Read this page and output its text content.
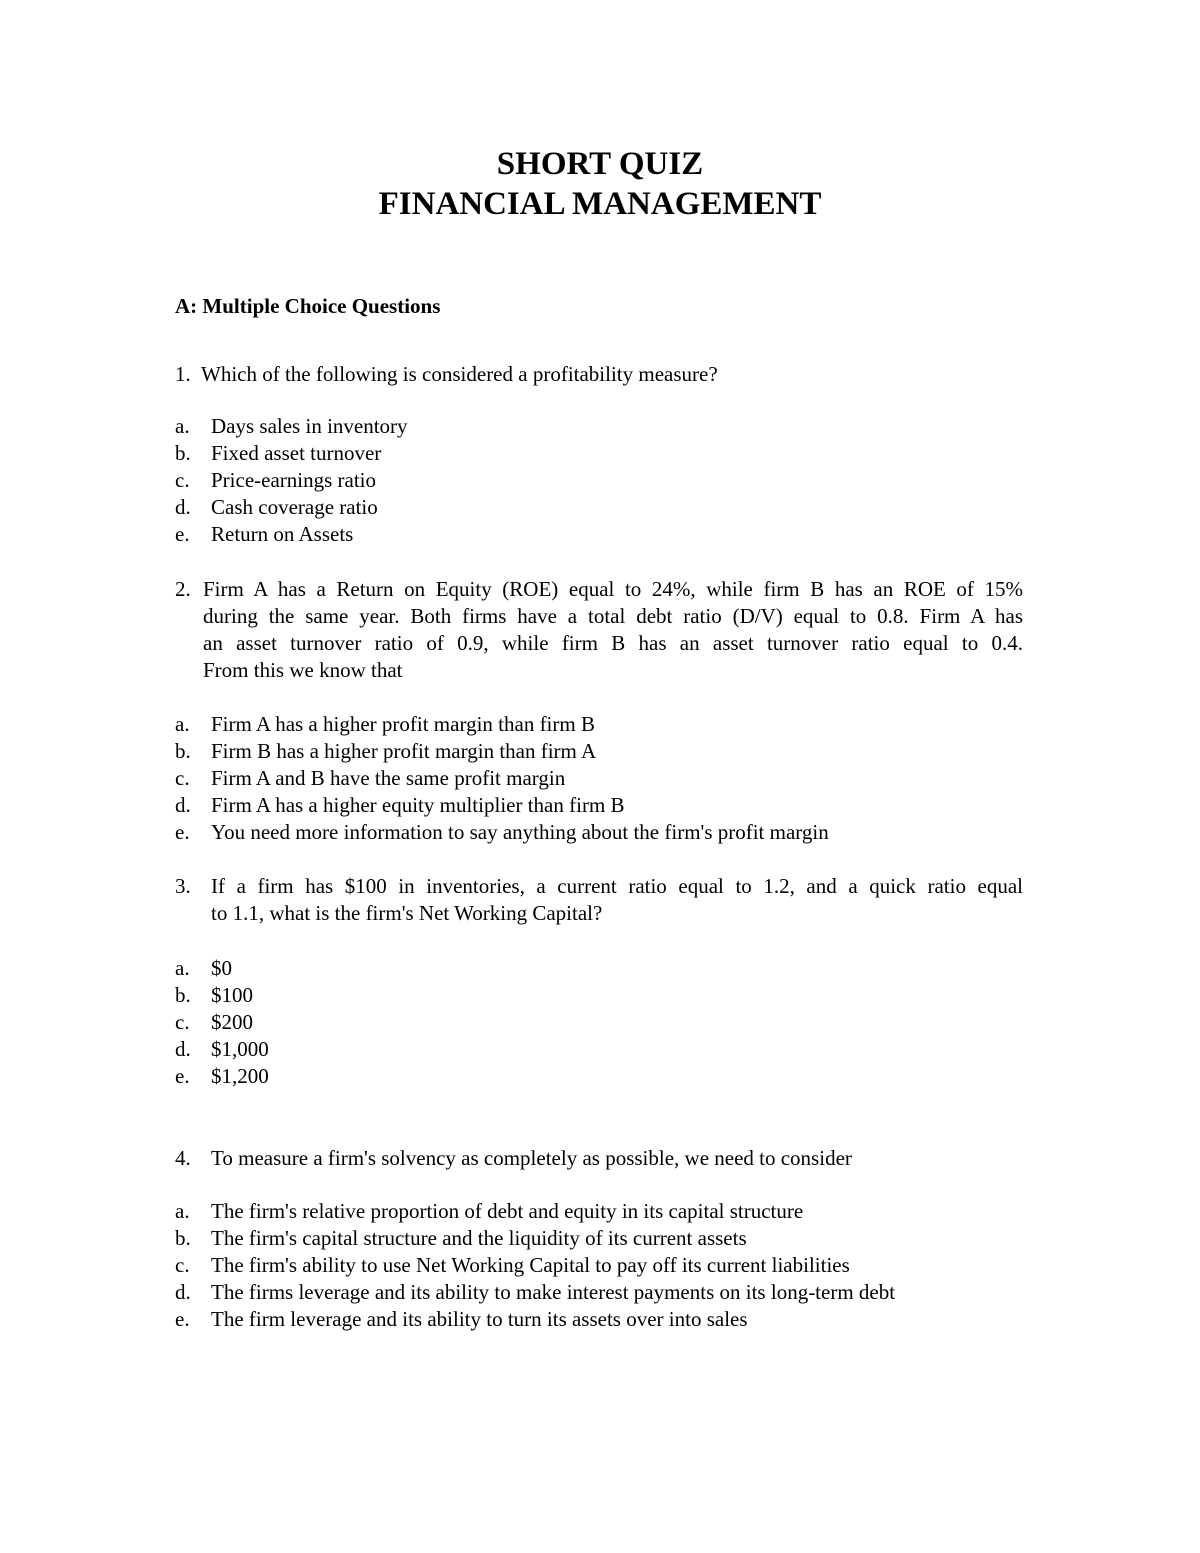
SHORT QUIZ
FINANCIAL MANAGEMENT
A: Multiple Choice Questions
1. Which of the following is considered a profitability measure?
a.	Days sales in inventory
b. Fixed asset turnover
c.	Price-earnings ratio
d. Cash coverage ratio
e.	Return on Assets
2. Firm A has a Return on Equity (ROE) equal to 24%, while firm B has an ROE of 15%
during the same year. Both firms have a total debt ratio (D/V) equal to 0.8. Firm A has
an asset turnover ratio of 0.9, while firm B has an asset turnover ratio equal to 0.4.
From this we know that
a.	Firm A has a higher profit margin than firm B
b. Firm B has a higher profit margin than firm A
c.	Firm A and B have the same profit margin
d. Firm A has a higher equity multiplier than firm B
e.	You need more information to say anything about the firm's profit margin
3. If a firm has $100 in inventories, a current ratio equal to 1.2, and a quick ratio equal
to 1.1, what is the firm's Net Working Capital?
a.	$0
b. $100
c.	$200
d. $1,000
e.	$1,200
4. To measure a firm's solvency as completely as possible, we need to consider
a.	The firm's relative proportion of debt and equity in its capital structure
b. The firm's capital structure and the liquidity of its current assets
c.	The firm's ability to use Net Working Capital to pay off its current liabilities
d. The firms leverage and its ability to make interest payments on its long-term debt
e.	The firm leverage and its ability to turn its assets over into sales
